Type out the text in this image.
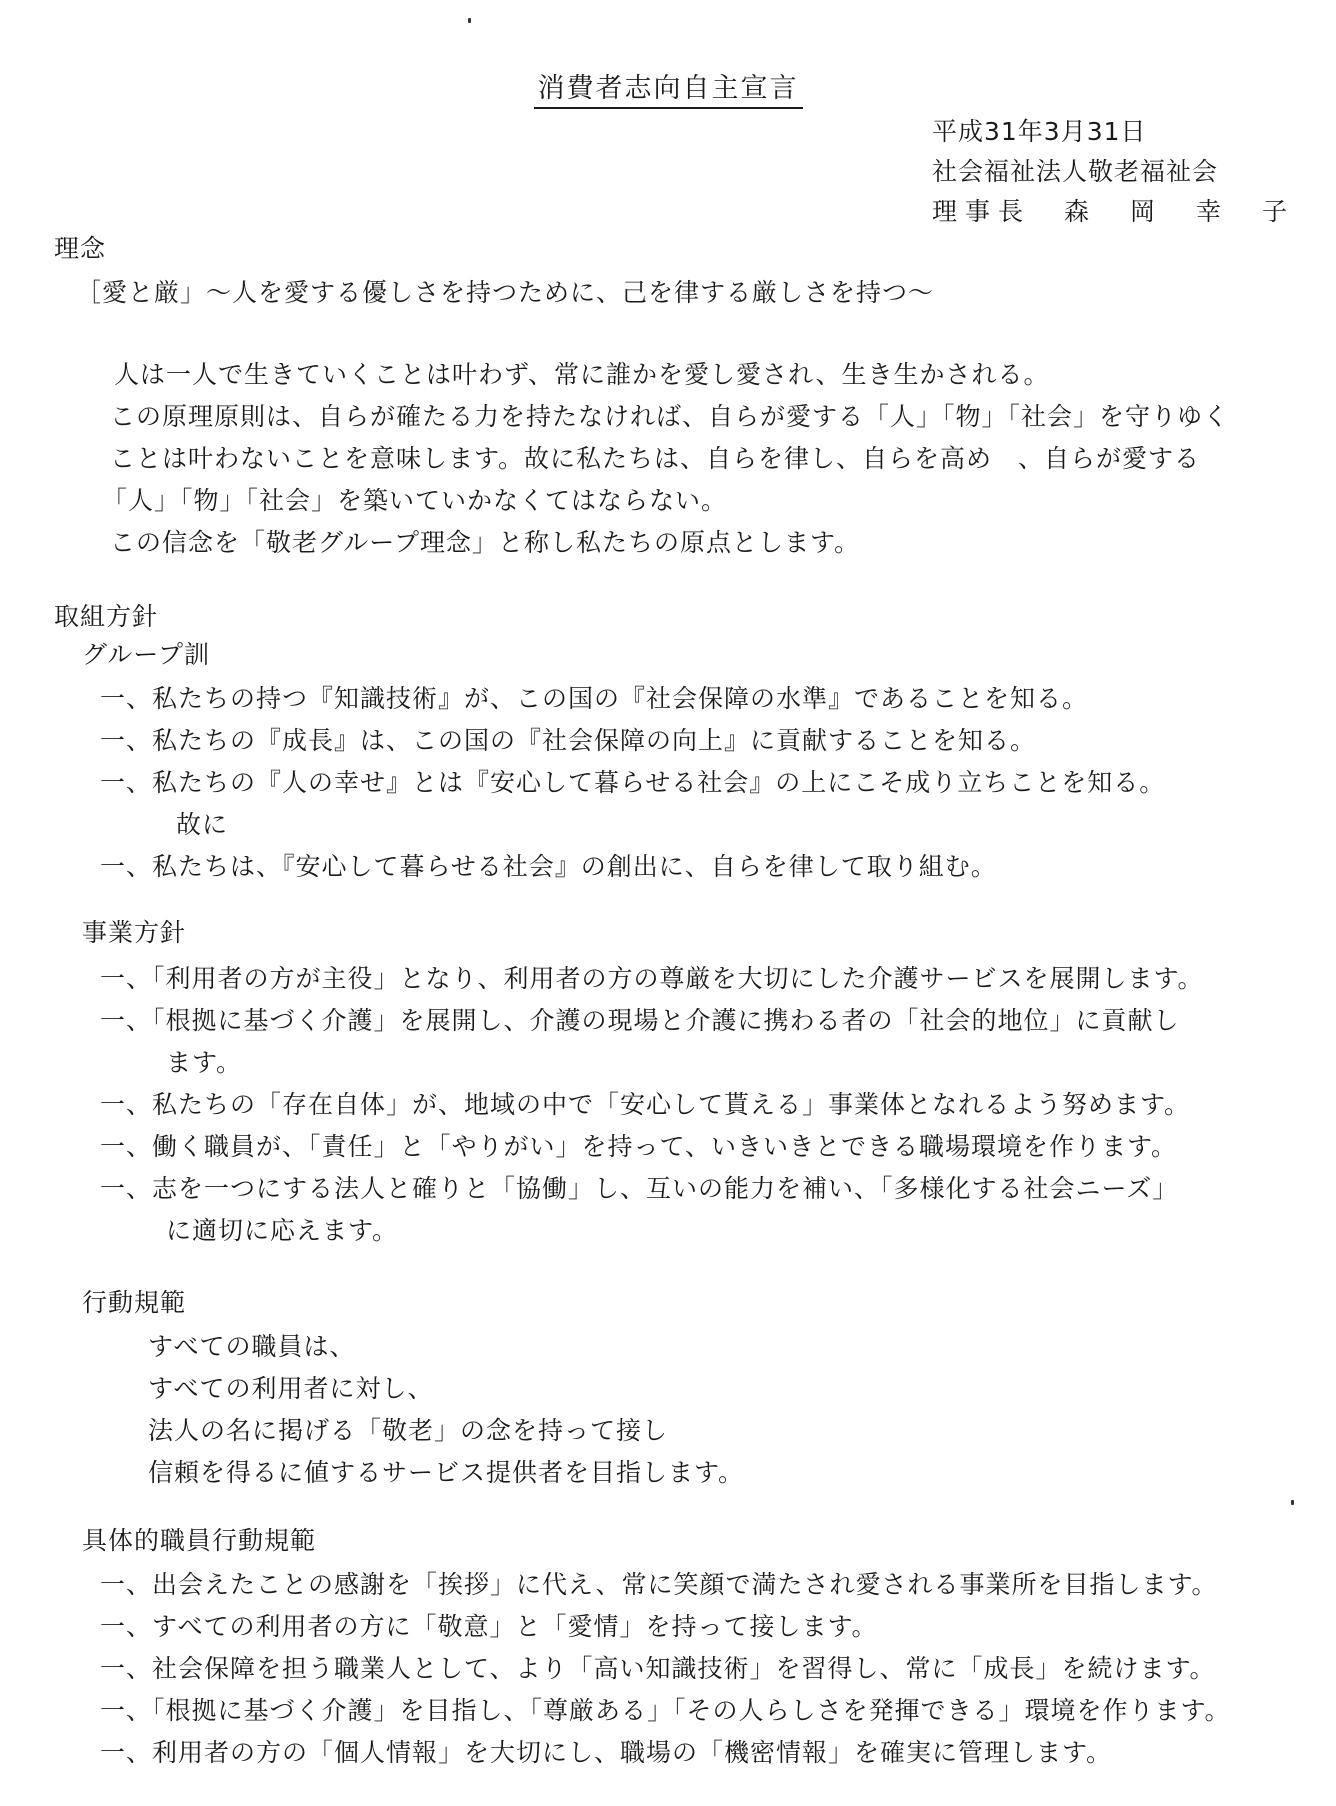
消費者志向自主宣言
平成31年3月31日
社会福祉法人敬老福祉会
理事長　森　岡　幸　子
理念
［愛と厳」～人を愛する優しさを持つために、己を律する厳しさを持つ～
人は一人で生きていくことは叶わず、常に誰かを愛し愛され、生き生かされる。
この原理原則は、自らが確たる力を持たなければ、自らが愛する「人」「物」「社会」を守りゆく
ことは叶わないことを意味します。故に私たちは、自らを律し、自らを高め　、自らが愛する
「人」「物」「社会」を築いていかなくてはならない。
この信念を「敬老グループ理念」と称し私たちの原点とします。
取組方針
グループ訓
一、私たちの持つ『知識技術』が、この国の『社会保障の水準』であることを知る。
一、私たちの『成長』は、この国の『社会保障の向上』に貢献することを知る。
一、私たちの『人の幸せ』とは『安心して暮らせる社会』の上にこそ成り立ちことを知る。
故に
一、私たちは、『安心して暮らせる社会』の創出に、自らを律して取り組む。
事業方針
一、「利用者の方が主役」となり、利用者の方の尊厳を大切にした介護サービスを展開します。
一、「根拠に基づく介護」を展開し、介護の現場と介護に携わる者の「社会的地位」に貢献し
ます。
一、私たちの「存在自体」が、地域の中で「安心して貰える」事業体となれるよう努めます。
一、働く職員が、「責任」と「やりがい」を持って、いきいきとできる職場環境を作ります。
一、志を一つにする法人と確りと「協働」し、互いの能力を補い、「多様化する社会ニーズ」
に適切に応えます。
行動規範
すべての職員は、
すべての利用者に対し、
法人の名に掲げる「敬老」の念を持って接し
信頼を得るに値するサービス提供者を目指します。
具体的職員行動規範
一、出会えたことの感謝を「挨拶」に代え、常に笑顔で満たされ愛される事業所を目指します。
一、すべての利用者の方に「敬意」と「愛情」を持って接します。
一、社会保障を担う職業人として、より「高い知識技術」を習得し、常に「成長」を続けます。
一、「根拠に基づく介護」を目指し、「尊厳ある」「その人らしさを発揮できる」環境を作ります。
一、利用者の方の「個人情報」を大切にし、職場の「機密情報」を確実に管理します。
